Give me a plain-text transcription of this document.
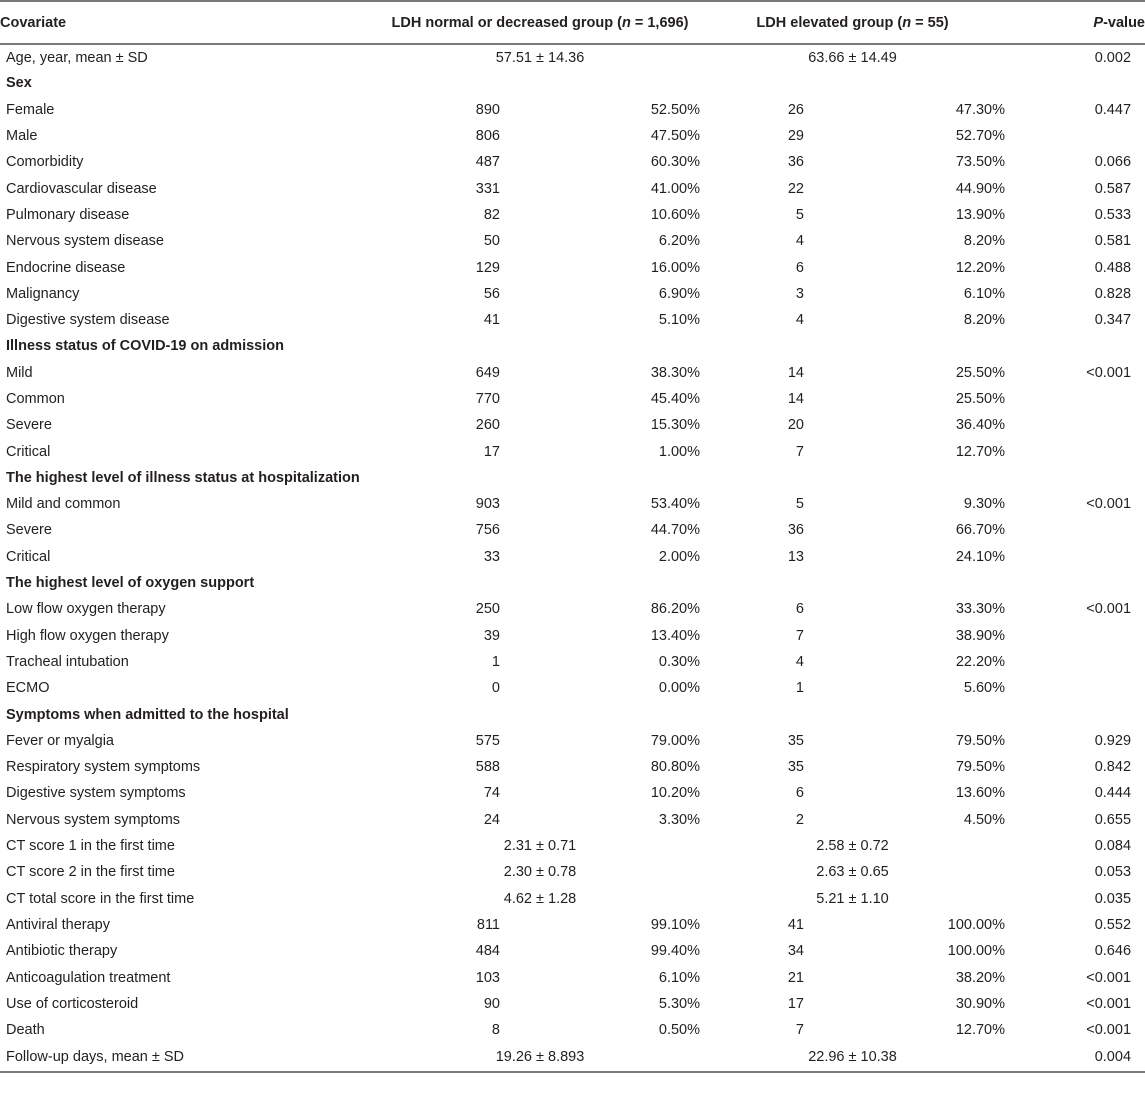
Covariate	LDH normal or decreased group (n = 1,696)		LDH elevated group (n = 55)		P-value
Age, year, mean ± SD	57.51 ± 14.36		63.66 ± 14.49		0.002
Sex					
Female	890	52.50%	26	47.30%	0.447
Male	806	47.50%	29	52.70%	
Comorbidity	487	60.30%	36	73.50%	0.066
Cardiovascular disease	331	41.00%	22	44.90%	0.587
Pulmonary disease	82	10.60%	5	13.90%	0.533
Nervous system disease	50	6.20%	4	8.20%	0.581
Endocrine disease	129	16.00%	6	12.20%	0.488
Malignancy	56	6.90%	3	6.10%	0.828
Digestive system disease	41	5.10%	4	8.20%	0.347
Illness status of COVID-19 on admission					
Mild	649	38.30%	14	25.50%	<0.001
Common	770	45.40%	14	25.50%	
Severe	260	15.30%	20	36.40%	
Critical	17	1.00%	7	12.70%	
The highest level of illness status at hospitalization					
Mild and common	903	53.40%	5	9.30%	<0.001
Severe	756	44.70%	36	66.70%	
Critical	33	2.00%	13	24.10%	
The highest level of oxygen support					
Low flow oxygen therapy	250	86.20%	6	33.30%	<0.001
High flow oxygen therapy	39	13.40%	7	38.90%	
Tracheal intubation	1	0.30%	4	22.20%	
ECMO	0	0.00%	1	5.60%	
Symptoms when admitted to the hospital					
Fever or myalgia	575	79.00%	35	79.50%	0.929
Respiratory system symptoms	588	80.80%	35	79.50%	0.842
Digestive system symptoms	74	10.20%	6	13.60%	0.444
Nervous system symptoms	24	3.30%	2	4.50%	0.655
CT score 1 in the first time	2.31 ± 0.71		2.58 ± 0.72		0.084
CT score 2 in the first time	2.30 ± 0.78		2.63 ± 0.65		0.053
CT total score in the first time	4.62 ± 1.28		5.21 ± 1.10		0.035
Antiviral therapy	811	99.10%	41	100.00%	0.552
Antibiotic therapy	484	99.40%	34	100.00%	0.646
Anticoagulation treatment	103	6.10%	21	38.20%	<0.001
Use of corticosteroid	90	5.30%	17	30.90%	<0.001
Death	8	0.50%	7	12.70%	<0.001
Follow-up days, mean ± SD	19.26 ± 8.893		22.96 ± 10.38		0.004
